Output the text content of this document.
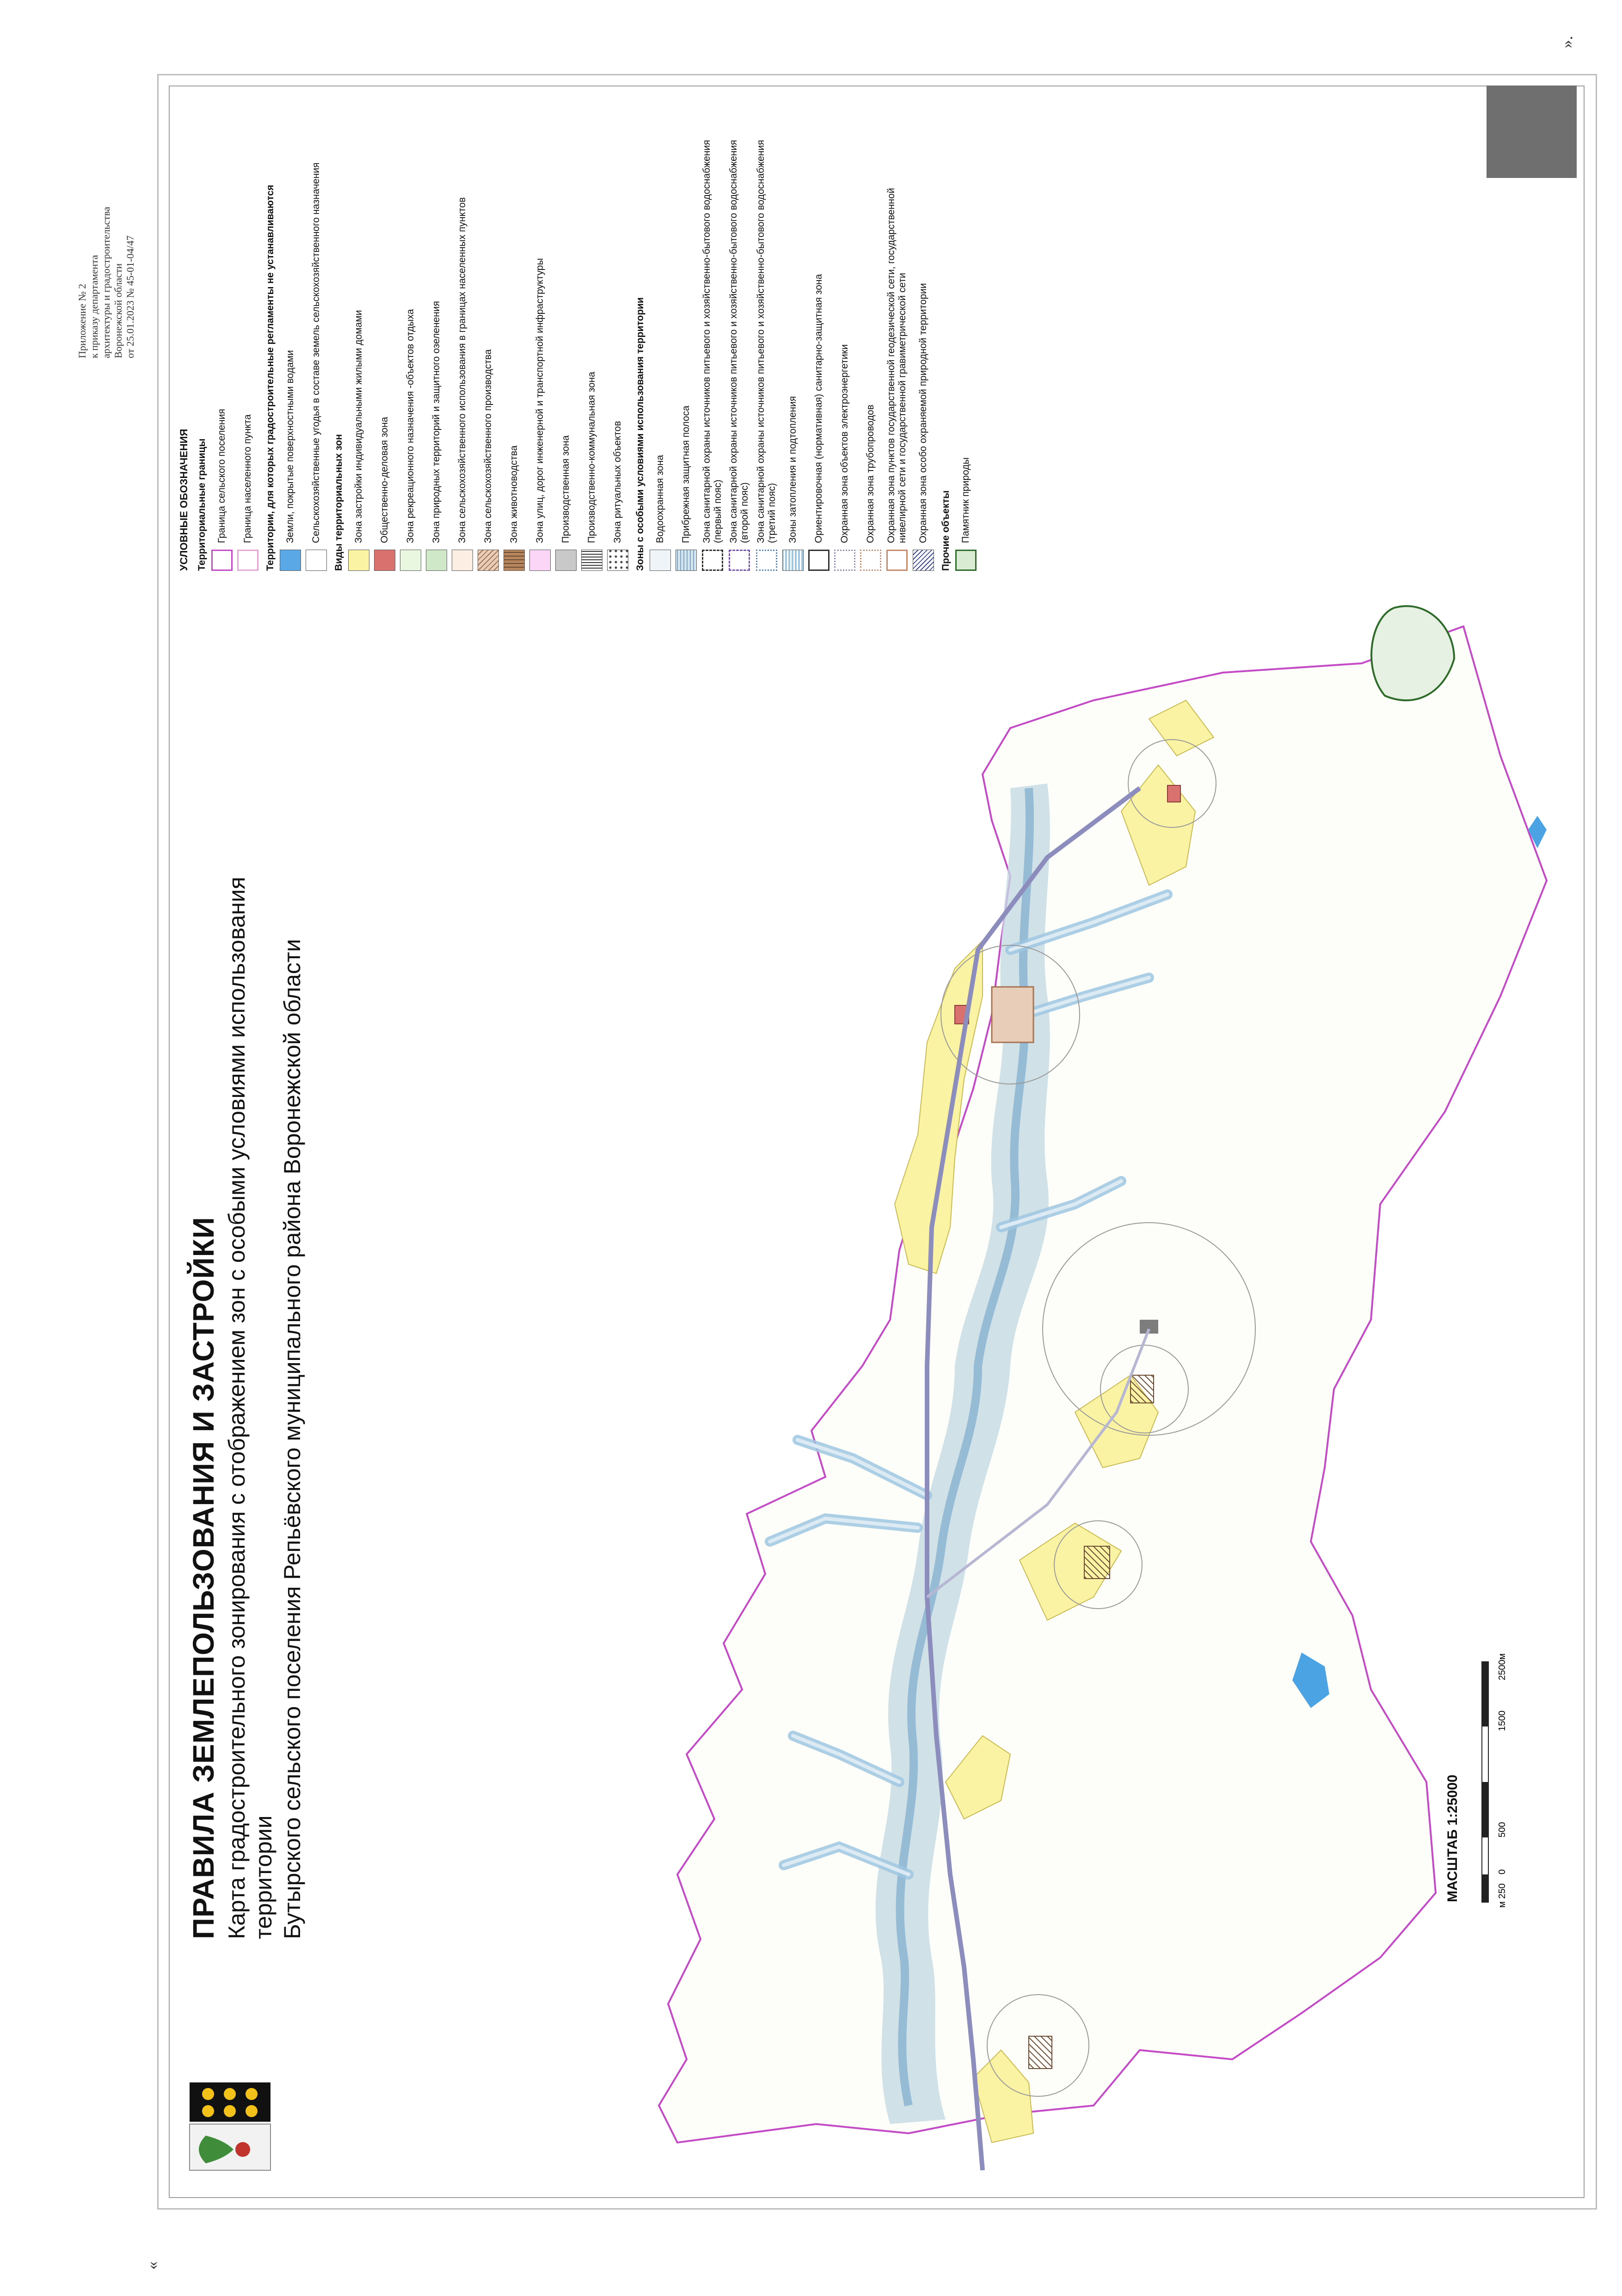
Приложение № 2 к приказу департамента архитектуры и градостроительства Воронежской области от 25.01.2023 № 45-01-04/47
».
«

ПРАВИЛА ЗЕМЛЕПОЛЬЗОВАНИЯ И ЗАСТРОЙКИ Карта градостроительного зонирования с отображением зон с особыми условиями использования территории Бутырского сельского поселения Репьёвского муниципального района Воронежской области	МАСШТАБ 1:25000	м 250
0
500
1500
2500м
УСЛОВНЫЕ ОБОЗНАЧЕНИЯ Территориальные границы Граница сельского поселения Граница населенного пункта Территории, для которых градостроительные регламенты не устанавливаются Земли, покрытые поверхностными водами Сельскохозяйственные угодья в составе земель сельскохозяйственного назначения Виды территориальных зон Зона застройки индивидуальными жилыми домами Общественно-деловая зона Зона рекреационного назначения -объектов отдыха Зона природных территорий и защитного озеленения Зона сельскохозяйственного использования в границах населенных пунктов Зона сельскохозяйственного производства Зона животноводства Зона улиц, дорог инженерной и транспортной инфраструктуры Производственная зона Производственно-коммунальная зона Зона ритуальных объектов Зоны с особыми условиями использования территории Водоохранная зона Прибрежная защитная полоса Зона санитарной охраны источников питьевого и хозяйственно-бытового водоснабжения (первый пояс) Зона санитарной охраны источников питьевого и хозяйственно-бытового водоснабжения (второй пояс) Зона санитарной охраны источников питьевого и хозяйственно-бытового водоснабжения (третий пояс) Зоны затопления и подтопления Ориентировочная (нормативная) санитарно-защитная зона Охранная зона объектов электроэнергетики Охранная зона трубопроводов Охранная зона пунктов государственной геодезической сети, государственной нивелирной сети и государственной гравиметрической сети Охранная зона особо охраняемой природной территории Прочие объекты Памятник природы
